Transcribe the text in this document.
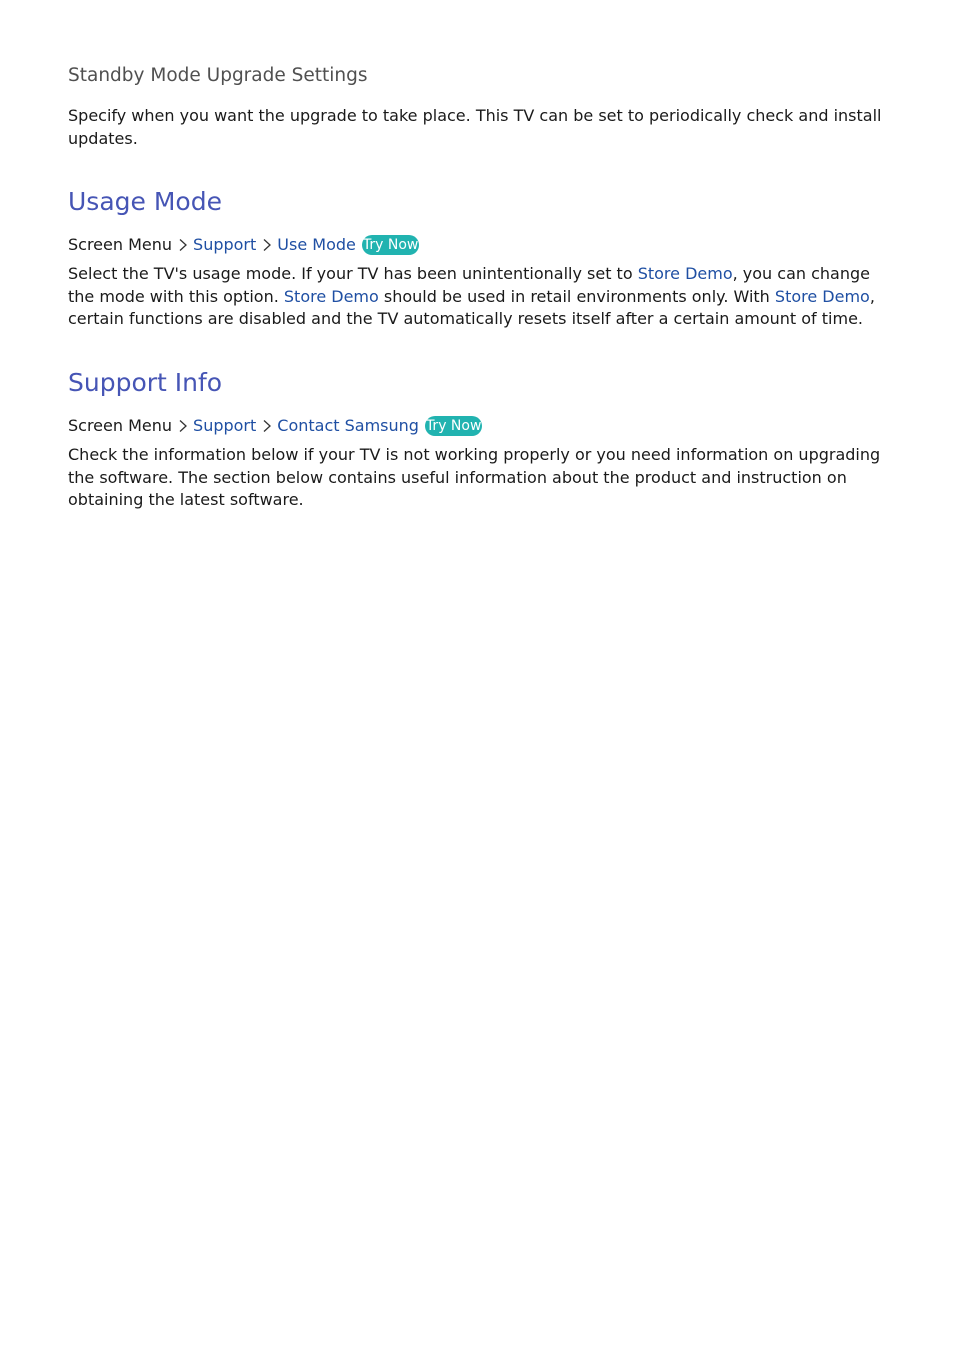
Standby Mode Upgrade Settings
Specify when you want the upgrade to take place. This TV can be set to periodically check and install updates.
Usage Mode
Screen Menu Support Use Mode Try Now
Select the TV's usage mode. If your TV has been unintentionally set to Store Demo, you can change the mode with this option. Store Demo should be used in retail environments only. With Store Demo, certain functions are disabled and the TV automatically resets itself after a certain amount of time.
Support Info
Screen Menu Support Contact Samsung Try Now
Check the information below if your TV is not working properly or you need information on upgrading the software. The section below contains useful information about the product and instruction on obtaining the latest software.
